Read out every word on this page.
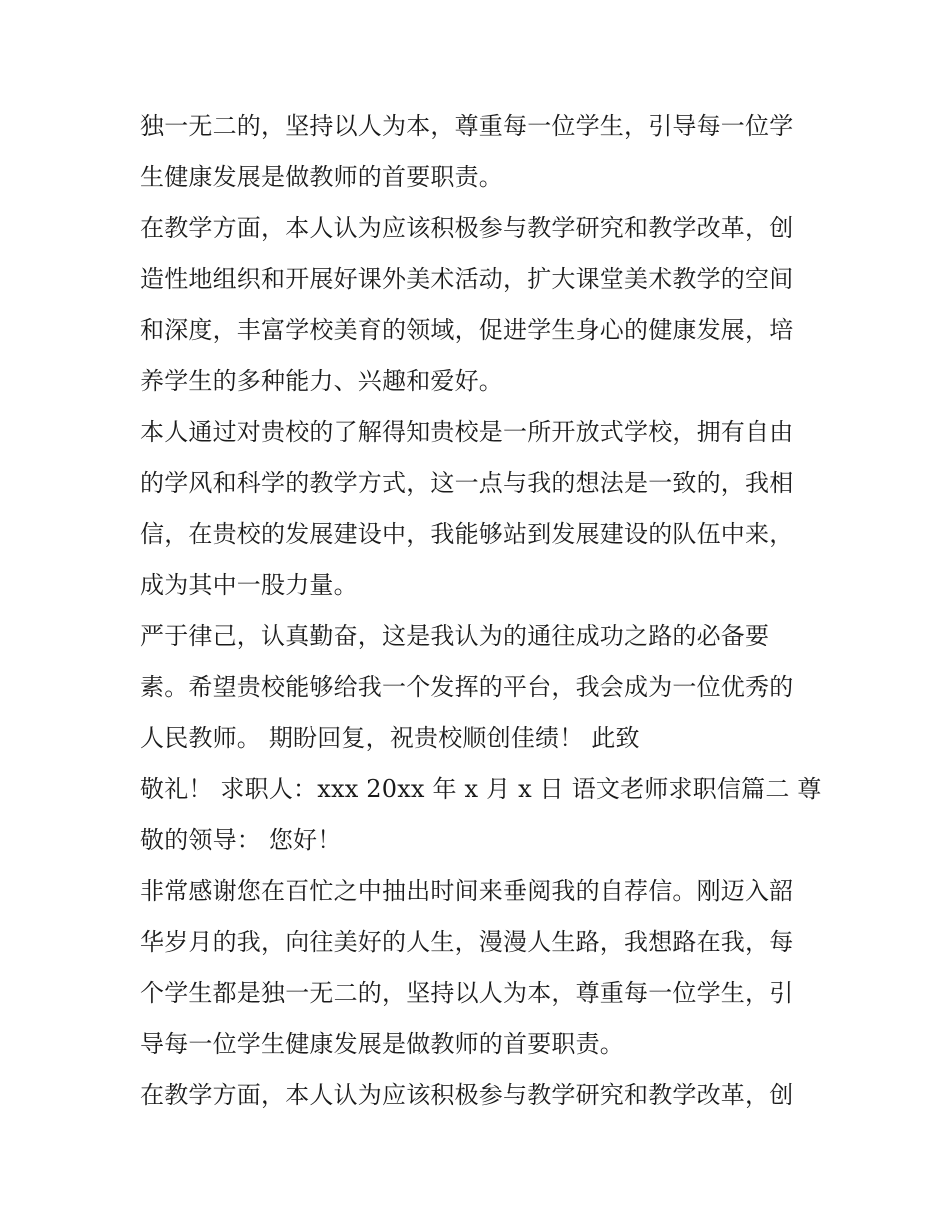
独一无二的，坚持以人为本，尊重每一位学生，引导每一位学
生健康发展是做教师的首要职责。
在教学方面，本人认为应该积极参与教学研究和教学改革，创
造性地组织和开展好课外美术活动，扩大课堂美术教学的空间
和深度，丰富学校美育的领域，促进学生身心的健康发展，培
养学生的多种能力、兴趣和爱好。
本人通过对贵校的了解得知贵校是一所开放式学校，拥有自由
的学风和科学的教学方式，这一点与我的想法是一致的，我相
信，在贵校的发展建设中，我能够站到发展建设的队伍中来，
成为其中一股力量。
严于律己，认真勤奋，这是我认为的通往成功之路的必备要
素。希望贵校能够给我一个发挥的平台，我会成为一位优秀的
人民教师。 期盼回复，祝贵校顺创佳绩！ 此致
敬礼！ 求职人：xxx 20xx 年 x 月 x 日 语文老师求职信篇二 尊
敬的领导： 您好！
非常感谢您在百忙之中抽出时间来垂阅我的自荐信。刚迈入韶
华岁月的我，向往美好的人生，漫漫人生路，我想路在我，每
个学生都是独一无二的，坚持以人为本，尊重每一位学生，引
导每一位学生健康发展是做教师的首要职责。
在教学方面，本人认为应该积极参与教学研究和教学改革，创
